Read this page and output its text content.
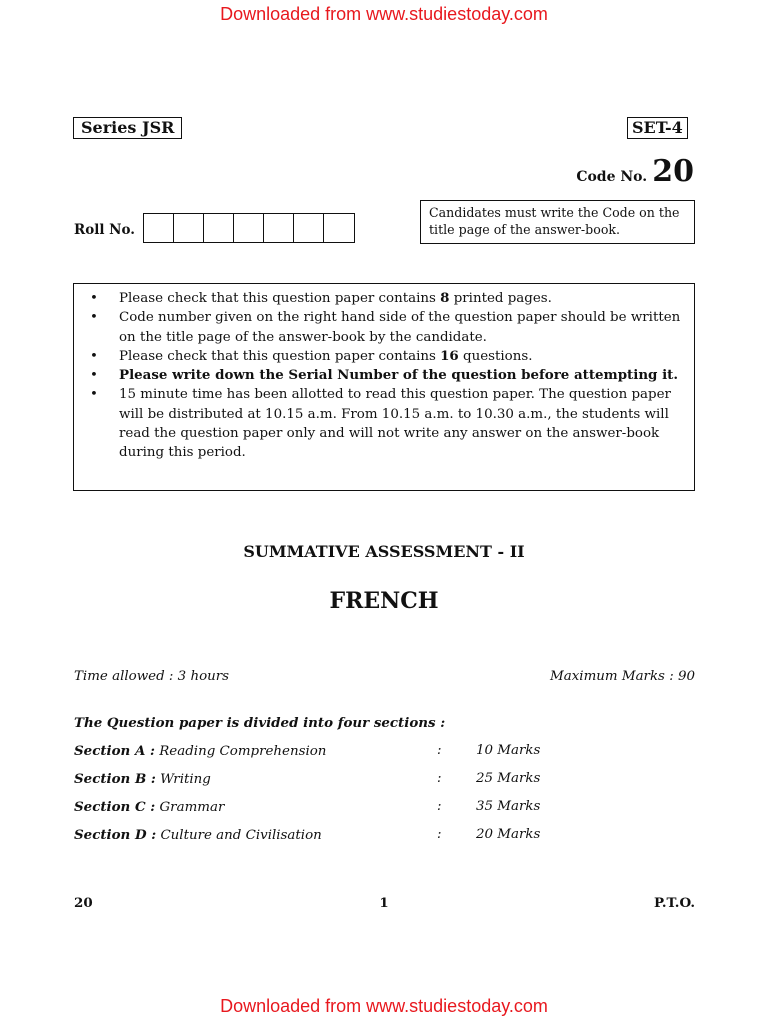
Downloaded from www.studiestoday.com
Series JSR	SET-4
Code No. 20
Roll No.
Candidates must write the Code on the title page of the answer-book.
•	Please check that this question paper contains 8 printed pages.
•	Code number given on the right hand side of the question paper should be written on the title page of the answer-book by the candidate.
•	Please check that this question paper contains 16 questions.
•	Please write down the Serial Number of the question before attempting it.
•	15 minute time has been allotted to read this question paper. The question paper will be distributed at 10.15 a.m. From 10.15 a.m. to 10.30 a.m., the students will read the question paper only and will not write any answer on the answer-book during this period.
SUMMATIVE ASSESSMENT - II
FRENCH
Time allowed : 3 hours	Maximum Marks : 90
The Question paper is divided into four sections :
Section A : Reading Comprehension	:	10 Marks
Section B : Writing	:	25 Marks
Section C : Grammar	:	35 Marks
Section D : Culture and Civilisation	:	20 Marks
20	1	P.T.O.
Downloaded from www.studiestoday.com
